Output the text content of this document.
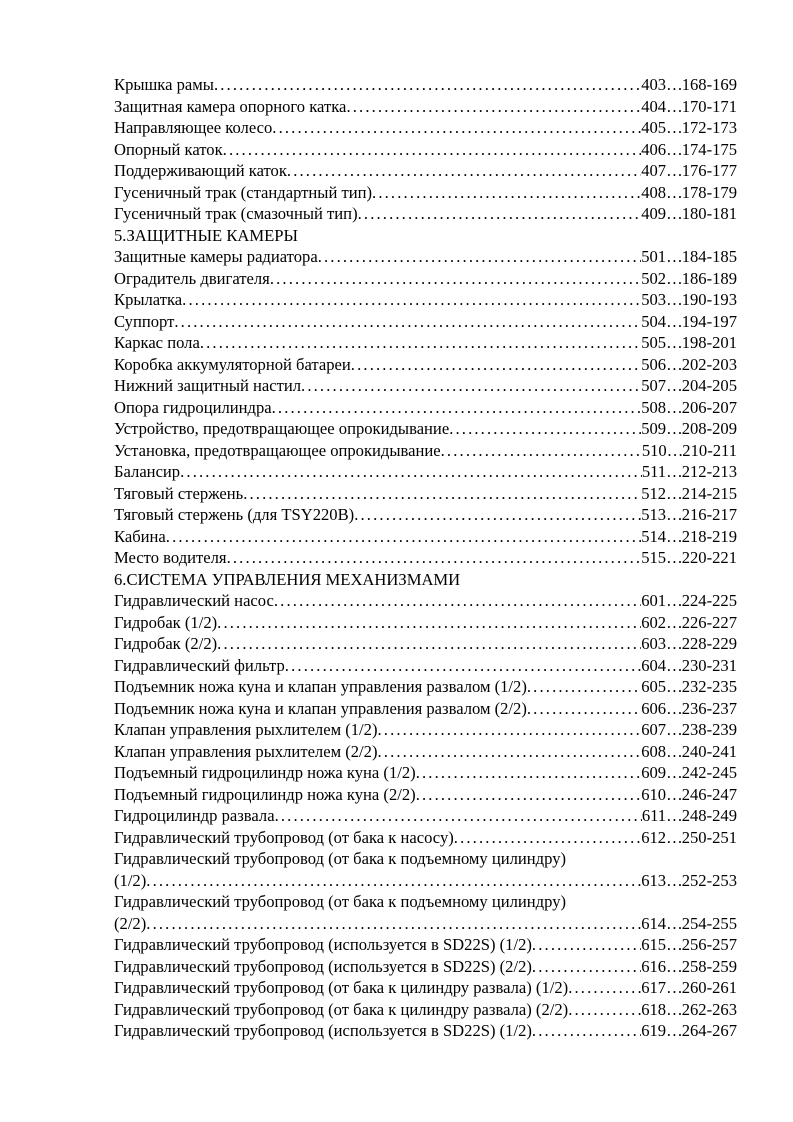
Крышка рамы . . .	403 … 168-169
Защитная камера опорного катка . . .	404 … 170-171
Направляющее колесо . . .	405 … 172-173
Опорный каток . . .	406 … 174-175
Поддерживающий каток . . .	407 … 176-177
Гусеничный трак (стандартный тип) . . .	408 … 178-179
Гусеничный трак (смазочный тип) . . .	409 … 180-181
5.ЗАЩИТНЫЕ КАМЕРЫ
Защитные камеры радиатора . . .	501 … 184-185
Оградитель двигателя . . .	502 … 186-189
Крылатка . . .	503 … 190-193
Суппорт . . .	504 … 194-197
Каркас пола . . .	505 … 198-201
Коробка аккумуляторной батареи . . .	506 … 202-203
Нижний защитный настил . . .	507 … 204-205
Опора гидроцилиндра . . .	508 … 206-207
Устройство, предотвращающее опрокидывание . . .	509 … 208-209
Установка, предотвращающее опрокидывание . . .	510 … 210-211
Балансир . . .	511 … 212-213
Тяговый стержень . . .	512 … 214-215
Тяговый стержень (для TSY220B) . . .	513 … 216-217
Кабина . . .	514 … 218-219
Место водителя . . .	515 … 220-221
6.СИСТЕМА УПРАВЛЕНИЯ МЕХАНИЗМАМИ
Гидравлический насос . . .	601 … 224-225
Гидробак (1/2) . . .	602 … 226-227
Гидробак (2/2) . . .	603 … 228-229
Гидравлический фильтр . . .	604 … 230-231
Подъемник ножа куна и клапан управления развалом (1/2) . . .	605 … 232-235
Подъемник ножа куна и клапан управления развалом (2/2) . . .	606 … 236-237
Клапан управления рыхлителем (1/2) . . .	607 … 238-239
Клапан управления рыхлителем (2/2) . . .	608 … 240-241
Подъемный гидроцилиндр ножа куна (1/2) . . .	609 … 242-245
Подъемный гидроцилиндр ножа куна (2/2) . . .	610 … 246-247
Гидроцилиндр развала . . .	611 … 248-249
Гидравлический трубопровод (от бака к насосу) . . .	612 … 250-251
Гидравлический трубопровод (от бака к подъемному цилиндру)
(1/2) . . .	613 … 252-253
Гидравлический трубопровод (от бака к подъемному цилиндру)
(2/2) . . .	614 … 254-255
Гидравлический трубопровод (используется в SD22S) (1/2) . . .	615 … 256-257
Гидравлический трубопровод (используется в SD22S) (2/2) . . .	616 … 258-259
Гидравлический трубопровод (от бака к цилиндру развала) (1/2) . . .	617 … 260-261
Гидравлический трубопровод (от бака к цилиндру развала) (2/2) . . .	618 … 262-263
Гидравлический трубопровод (используется в SD22S) (1/2) . . .	619 … 264-267
